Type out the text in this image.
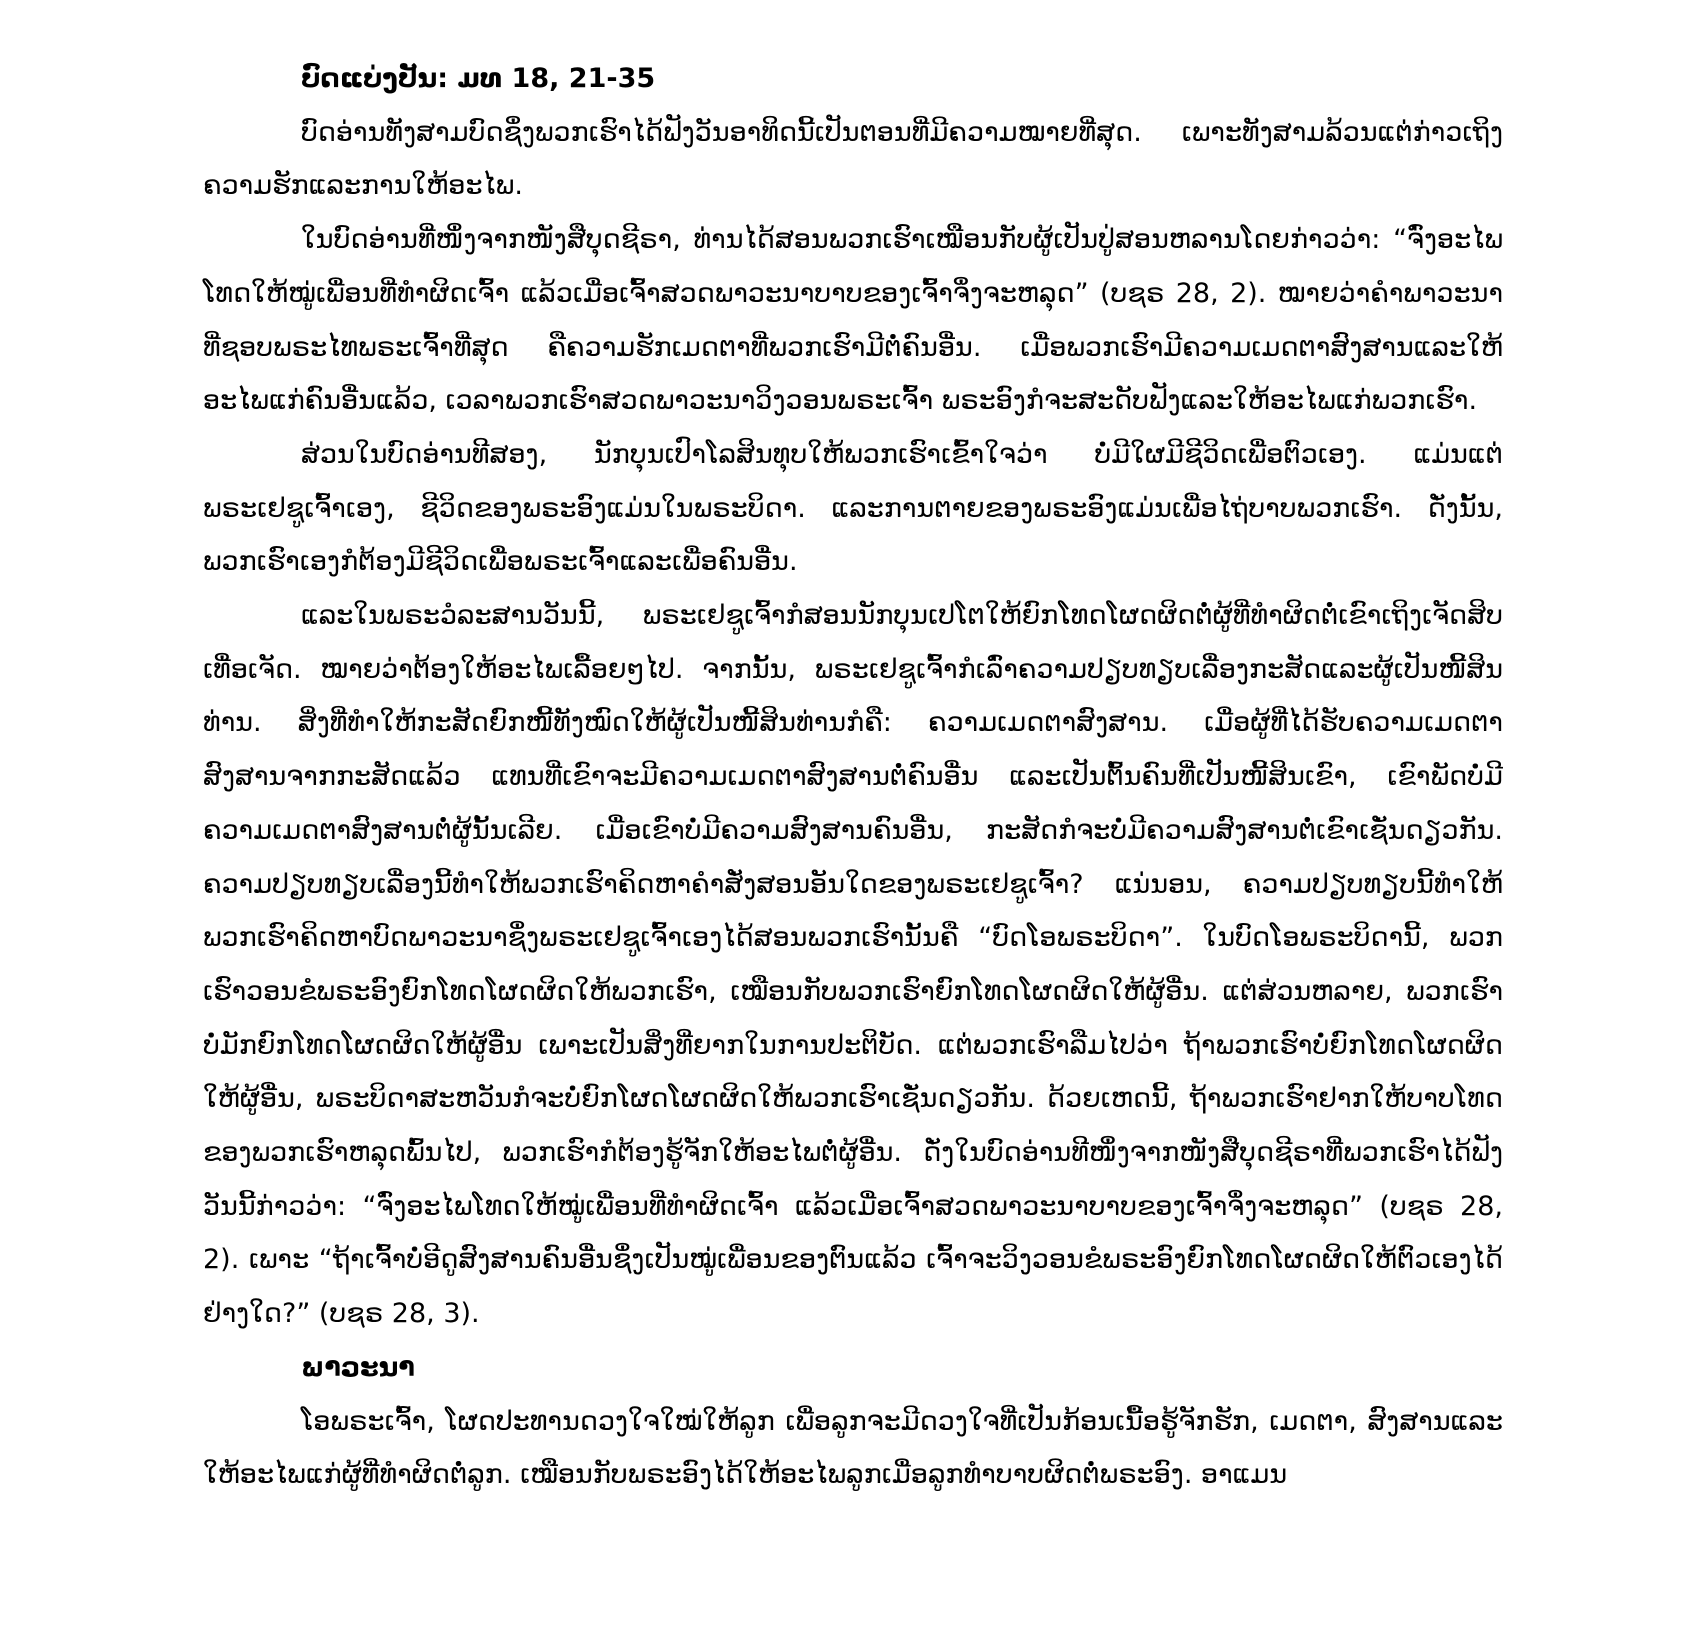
ບົດແບ່ງປັນ: ມທ 18, 21-35

ບົດອ່ານທັງສາມບົດຊຶ່ງພວກເຮົາໄດ້ຟັງວັນອາທິດນີ້ເປັນຕອນທີ່ມີຄວາມໝາຍທີ່ສຸດ. ເພາະທັງສາມລ້ວນແຕ່ກ່າວເຖິງຄວາມຮັກແລະການໃຫ້ອະໄພ.

ໃນບົດອ່ານທີ່ໜຶ່ງຈາກໜັງສືບຸດຊີຣາ, ທ່ານໄດ້ສອນພວກເຮົາເໝືອນກັບຜູ້ເປັນປູ່ສອນຫລານໂດຍກ່າວວ່າ: “ຈົ່ງອະໄພໂທດໃຫ້ໝູ່ເພື່ອນທີ່ທຳຜິດເຈົ້າ ແລ້ວເມື່ອເຈົ້າສວດພາວະນາບາບຂອງເຈົ້າຈຶ່ງຈະຫລຸດ” (ບຊຣ 28, 2). ໝາຍວ່າຄຳພາວະນາທີ່ຊອບພຣະໄທພຣະເຈົ້າທີ່ສຸດ ຄືຄວາມຮັກເມດຕາທີ່ພວກເຮົາມີຕໍ່ຄົນອື່ນ. ເມື່ອພວກເຮົາມີຄວາມເມດຕາສົງສານແລະໃຫ້ອະໄພແກ່ຄົນອື່ນແລ້ວ, ເວລາພວກເຮົາສວດພາວະນາວິງວອນພຣະເຈົ້າ ພຣະອົງກໍຈະສະດັບຟັງແລະໃຫ້ອະໄພແກ່ພວກເຮົາ.

ສ່ວນໃນບົດອ່ານທີສອງ, ນັກບຸນເປົາໂລສິນທຸບໃຫ້ພວກເຮົາເຂົ້າໃຈວ່າ ບໍ່ມີໃຜມີຊີວິດເພື່ອຕົວເອງ. ແມ່ນແຕ່ພຣະເຢຊູເຈົ້າເອງ, ຊີວິດຂອງພຣະອົງແມ່ນໃນພຣະບິດາ. ແລະການຕາຍຂອງພຣະອົງແມ່ນເພື່ອໄຖ່ບາບພວກເຮົາ. ດັ່ງນັ້ນ, ພວກເຮົາເອງກໍຕ້ອງມີຊີວິດເພື່ອພຣະເຈົ້າແລະເພື່ອຄົນອື່ນ.

ແລະໃນພຣະວໍລະສານວັນນີ້, ພຣະເຢຊູເຈົ້າກໍສອນນັກບຸນເປໂຕໃຫ້ຍົກໂທດໂຜດຜິດຕໍ່ຜູ້ທີ່ທຳຜິດຕໍ່ເຂົາເຖິງເຈັດສິບເທື່ອເຈັດ. ໝາຍວ່າຕ້ອງໃຫ້ອະໄພເລື້ອຍໆໄປ. ຈາກນັ້ນ, ພຣະເຢຊູເຈົ້າກໍເລົ່າຄວາມປຽບທຽບເລື່ອງກະສັດແລະຜູ້ເປັນໜີ້ສິນທ່ານ. ສິ່ງທີ່ທຳໃຫ້ກະສັດຍົກໜີ້ທັງໝົດໃຫ້ຜູ້ເປັນໜີ້ສິນທ່ານກໍຄື: ຄວາມເມດຕາສົງສານ. ເມື່ອຜູ້ທີ່ໄດ້ຮັບຄວາມເມດຕາສົງສານຈາກກະສັດແລ້ວ ແທນທີ່ເຂົາຈະມີຄວາມເມດຕາສົງສານຕໍ່ຄົນອື່ນ ແລະເປັນຕົ້ນຄົນທີ່ເປັນໜີ້ສິນເຂົາ, ເຂົາພັດບໍ່ມີຄວາມເມດຕາສົງສານຕໍ່ຜູ້ນັ້ນເລີຍ. ເມື່ອເຂົາບໍ່ມີຄວາມສົງສານຄົນອື່ນ, ກະສັດກໍຈະບໍ່ມີຄວາມສົງສານຕໍ່ເຂົາເຊັ່ນດຽວກັນ. ຄວາມປຽບທຽບເລື່ອງນີ້ທຳໃຫ້ພວກເຮົາຄິດຫາຄຳສັ່ງສອນອັນໃດຂອງພຣະເຢຊູເຈົ້າ? ແນ່ນອນ, ຄວາມປຽບທຽບນີ້ທຳໃຫ້ພວກເຮົາຄິດຫາບົດພາວະນາຊຶ່ງພຣະເຢຊູເຈົ້າເອງໄດ້ສອນພວກເຮົານັ້ນຄື “ບົດໂອພຣະບິດາ”. ໃນບົດໂອພຣະບິດານີ້, ພວກເຮົາວອນຂໍພຣະອົງຍົກໂທດໂຜດຜິດໃຫ້ພວກເຮົາ, ເໝືອນກັບພວກເຮົາຍົກໂທດໂຜດຜິດໃຫ້ຜູ້ອື່ນ. ແຕ່ສ່ວນຫລາຍ, ພວກເຮົາບໍ່ມັກຍົກໂທດໂຜດຜິດໃຫ້ຜູ້ອື່ນ ເພາະເປັນສິ່ງທີ່ຍາກໃນການປະຕິບັດ. ແຕ່ພວກເຮົາລືມໄປວ່າ ຖ້າພວກເຮົາບໍ່ຍົກໂທດໂຜດຜິດໃຫ້ຜູ້ອື່ນ, ພຣະບິດາສະຫວັນກໍຈະບໍ່ຍົກໂຜດໂຜດຜິດໃຫ້ພວກເຮົາເຊັ່ນດຽວກັນ. ດ້ວຍເຫດນີ້, ຖ້າພວກເຮົາຢາກໃຫ້ບາບໂທດຂອງພວກເຮົາຫລຸດພົ້ນໄປ, ພວກເຮົາກໍຕ້ອງຮູ້ຈັກໃຫ້ອະໄພຕໍ່ຜູ້ອື່ນ. ດັ່ງໃນບົດອ່ານທີໜຶ່ງຈາກໜັງສືບຸດຊີຣາທີ່ພວກເຮົາໄດ້ຟັງວັນນີ້ກ່າວວ່າ: “ຈົ່ງອະໄພໂທດໃຫ້ໝູ່ເພື່ອນທີ່ທຳຜິດເຈົ້າ ແລ້ວເມື່ອເຈົ້າສວດພາວະນາບາບຂອງເຈົ້າຈຶ່ງຈະຫລຸດ” (ບຊຣ 28, 2). ເພາະ “ຖ້າເຈົ້າບໍ່ອີດູສົງສານຄົນອື່ນຊຶ່ງເປັນໝູ່ເພື່ອນຂອງຕົນແລ້ວ ເຈົ້າຈະວິງວອນຂໍພຣະອົງຍົກໂທດໂຜດຜິດໃຫ້ຕົວເອງໄດ້ຢ່າງໃດ?” (ບຊຣ 28, 3).

ພາວະນາ

ໂອພຣະເຈົ້າ, ໂຜດປະທານດວງໃຈໃໝ່ໃຫ້ລູກ ເພື່ອລູກຈະມີດວງໃຈທີ່ເປັນກ້ອນເນື້ອຮູ້ຈັກຮັກ, ເມດຕາ, ສົງສານແລະໃຫ້ອະໄພແກ່ຜູ້ທີ່ທຳຜິດຕໍ່ລູກ. ເໝືອນກັບພຣະອົງໄດ້ໃຫ້ອະໄພລູກເມື່ອລູກທຳບາບຜິດຕໍ່ພຣະອົງ. ອາແມນ
